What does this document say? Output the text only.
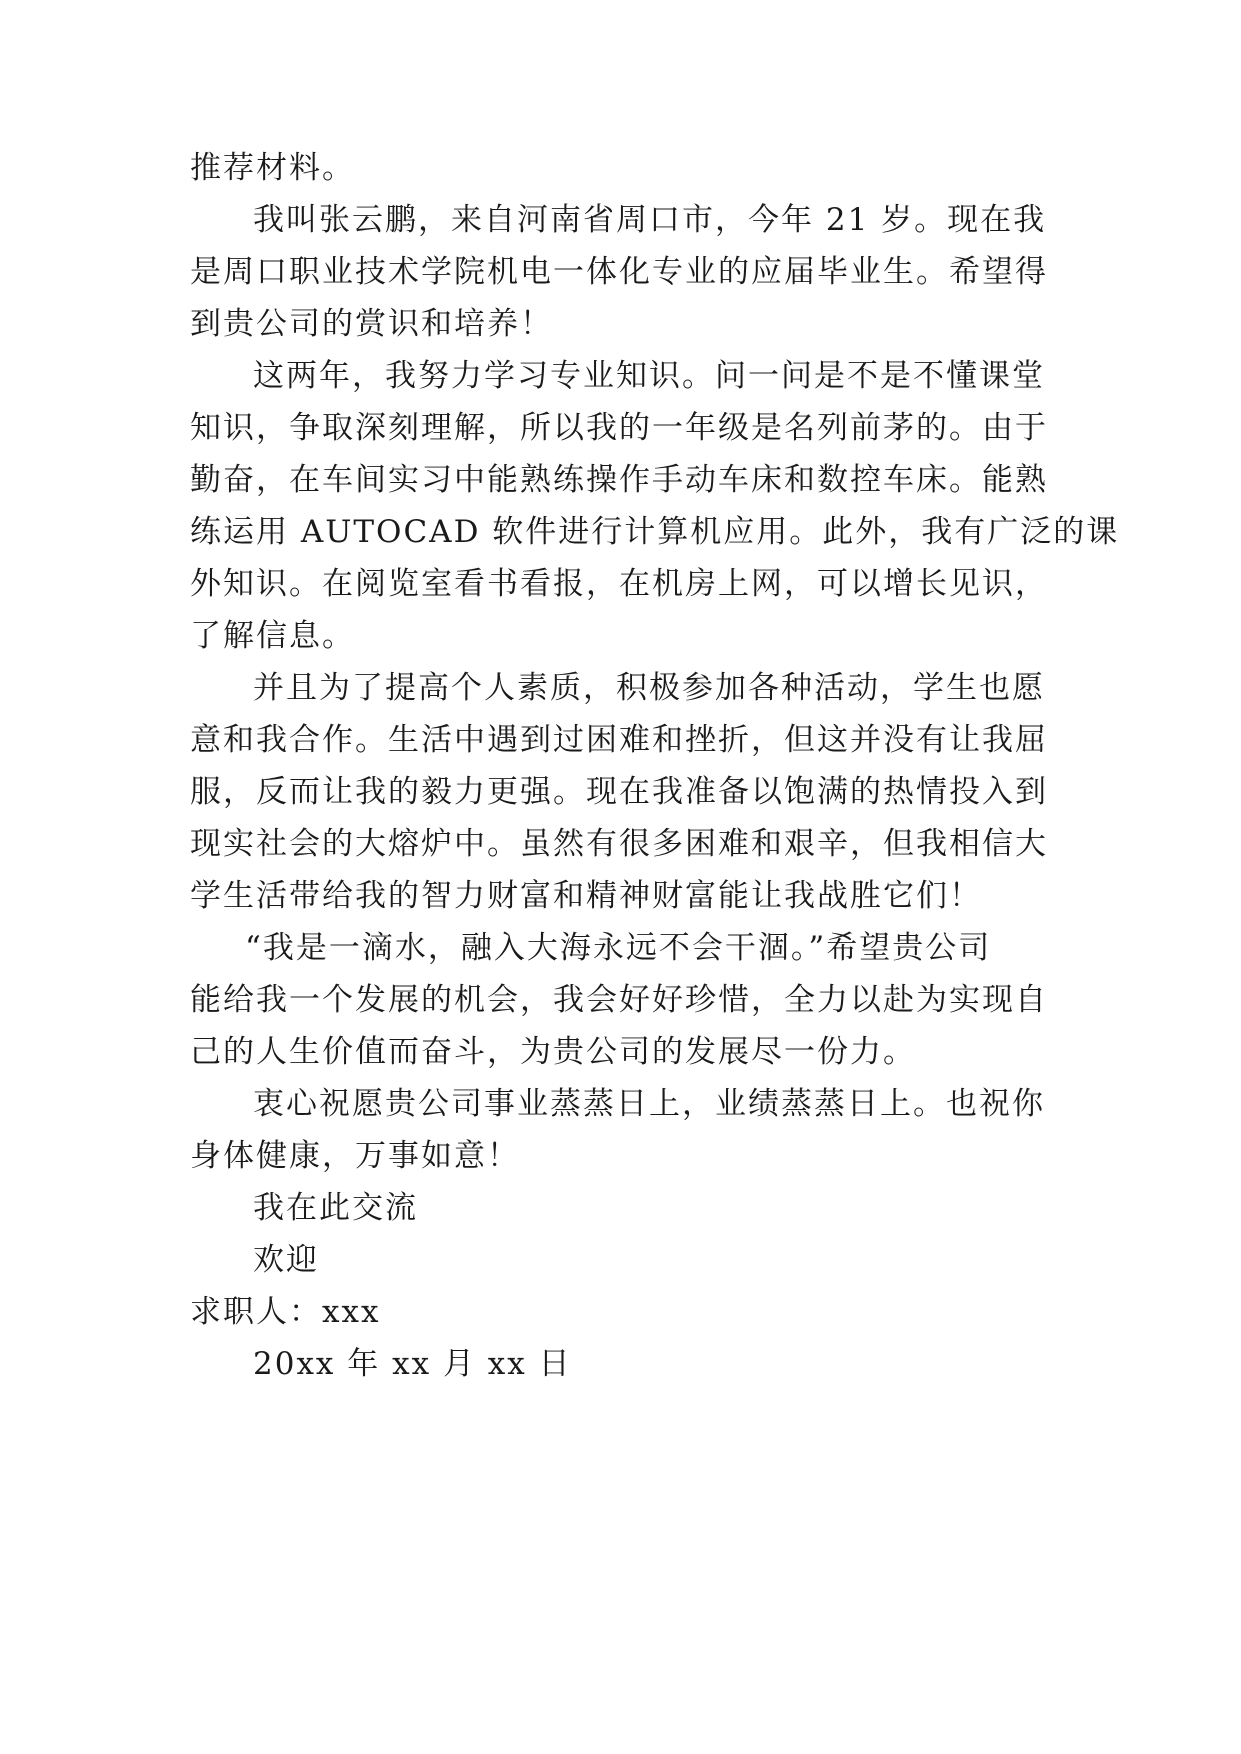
推荐材料。
我叫张云鹏，来自河南省周口市，今年 21 岁。现在我
是周口职业技术学院机电一体化专业的应届毕业生。希望得
到贵公司的赏识和培养！
这两年，我努力学习专业知识。问一问是不是不懂课堂
知识，争取深刻理解，所以我的一年级是名列前茅的。由于
勤奋，在车间实习中能熟练操作手动车床和数控车床。能熟
练运用 AUTOCAD 软件进行计算机应用。此外，我有广泛的课
外知识。在阅览室看书看报，在机房上网，可以增长见识，
了解信息。
并且为了提高个人素质，积极参加各种活动，学生也愿
意和我合作。生活中遇到过困难和挫折，但这并没有让我屈
服，反而让我的毅力更强。现在我准备以饱满的热情投入到
现实社会的大熔炉中。虽然有很多困难和艰辛，但我相信大
学生活带给我的智力财富和精神财富能让我战胜它们！
“我是一滴水，融入大海永远不会干涸。”希望贵公司
能给我一个发展的机会，我会好好珍惜，全力以赴为实现自
己的人生价值而奋斗，为贵公司的发展尽一份力。
衷心祝愿贵公司事业蒸蒸日上，业绩蒸蒸日上。也祝你
身体健康，万事如意！
我在此交流
欢迎
求职人：xxx
20xx 年 xx 月 xx 日
